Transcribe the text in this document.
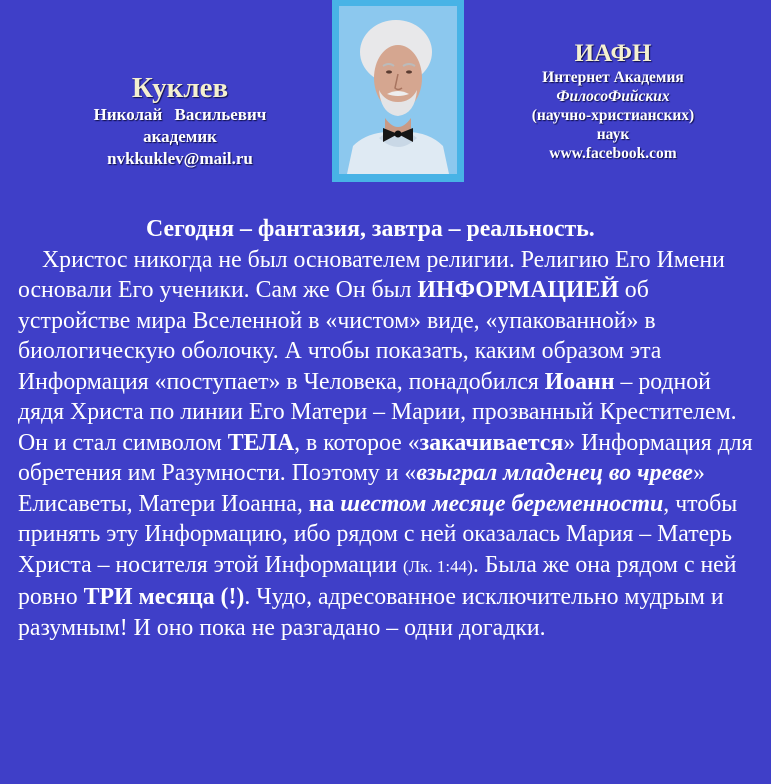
Куклев
Николай Васильевич
академик
nvkkuklev@mail.ru
ИАФН
Интернет Академия
ФилосоФийских
(научно-христианских)
наук
www.facebook.com

Сегодня – фантазия, завтра – реальность.

Христос никогда не был основателем религии. Религию Его Имени основали Его ученики. Сам же Он был ИНФОРМАЦИЕЙ об устройстве мира Вселенной в «чистом» виде, «упакованной» в биологическую оболочку. А чтобы показать, каким образом эта Информация «поступает» в Человека, понадобился Иоанн – родной дядя Христа по линии Его Матери – Марии, прозванный Крестителем. Он и стал символом ТЕЛА, в которое «закачивается» Информация для обретения им Разумности. Поэтому и «взыграл младенец во чреве» Елисаветы, Матери Иоанна, на шестом месяце беременности, чтобы принять эту Информацию, ибо рядом с ней оказалась Мария – Матерь Христа – носителя этой Информации (Лк. 1:44). Была же она рядом с ней ровно ТРИ месяца (!). Чудо, адресованное исключительно мудрым и разумным! И оно пока не разгадано – одни догадки.
